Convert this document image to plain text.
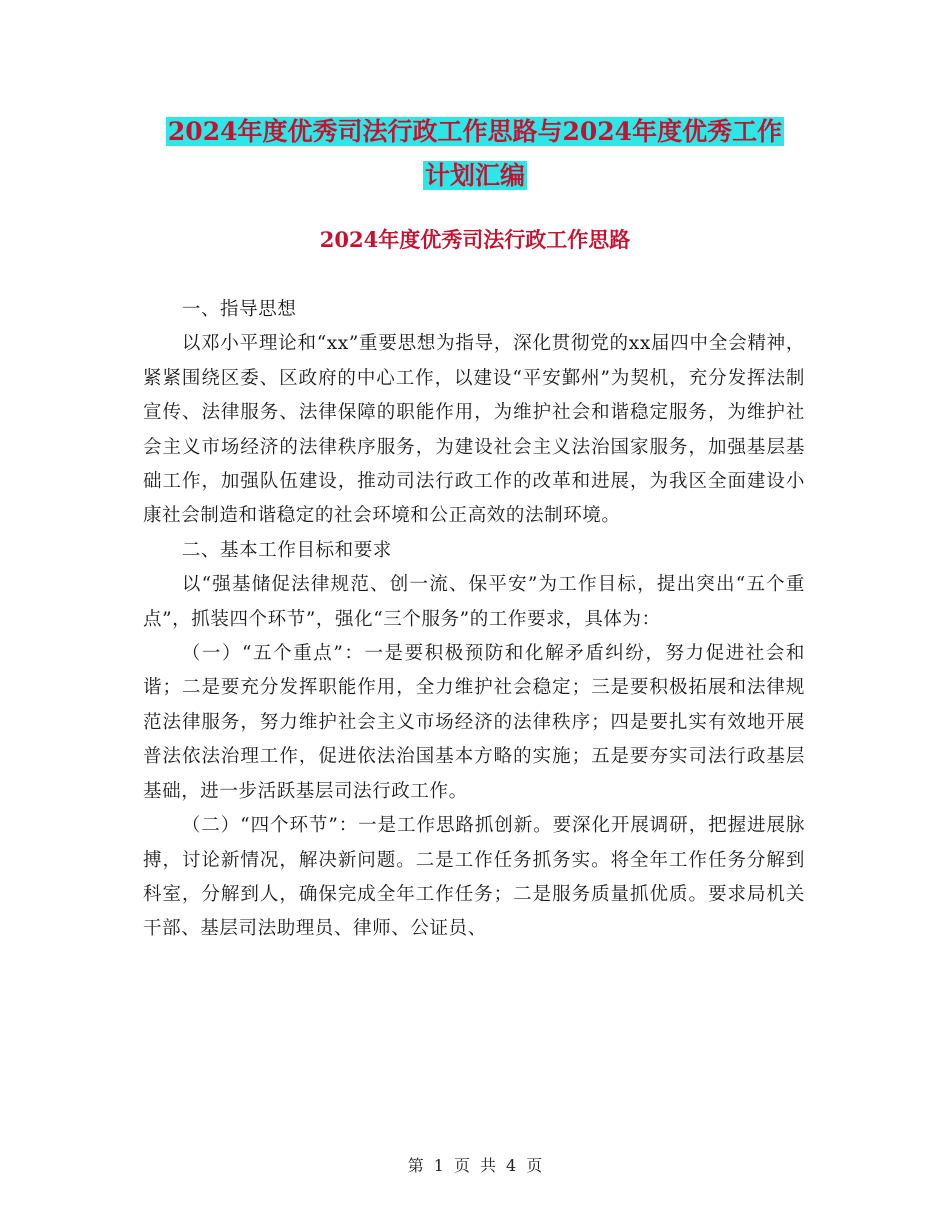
2024年度优秀司法行政工作思路与2024年度优秀工作
计划汇编
2024年度优秀司法行政工作思路

一、指导思想

以邓小平理论和“xx”重要思想为指导，深化贯彻党的xx届四中全会精神，紧紧围绕区委、区政府的中心工作，以建设“平安鄞州”为契机，充分发挥法制宣传、法律服务、法律保障的职能作用，为维护社会和谐稳定服务，为维护社会主义市场经济的法律秩序服务，为建设社会主义法治国家服务，加强基层基础工作，加强队伍建设，推动司法行政工作的改革和进展，为我区全面建设小康社会制造和谐稳定的社会环境和公正高效的法制环境。

二、基本工作目标和要求

以“强基储促法律规范、创一流、保平安”为工作目标，提出突出“五个重点”，抓装四个环节”，强化“三个服务”的工作要求，具体为：

（一）“五个重点”：一是要积极预防和化解矛盾纠纷，努力促进社会和谐；二是要充分发挥职能作用，全力维护社会稳定；三是要积极拓展和法律规范法律服务，努力维护社会主义市场经济的法律秩序；四是要扎实有效地开展普法依法治理工作，促进依法治国基本方略的实施；五是要夯实司法行政基层基础，进一步活跃基层司法行政工作。

（二）“四个环节”：一是工作思路抓创新。要深化开展调研，把握进展脉搏，讨论新情况，解决新问题。二是工作任务抓务实。将全年工作任务分解到科室，分解到人，确保完成全年工作任务；二是服务质量抓优质。要求局机关干部、基层司法助理员、律师、公证员、

第 1 页 共 4 页
